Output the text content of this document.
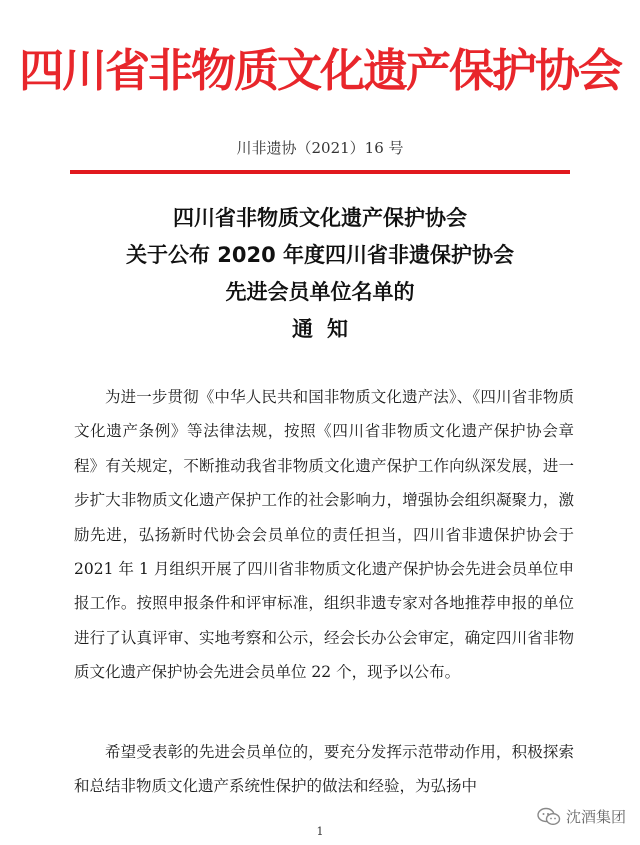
四川省非物质文化遗产保护协会
川非遗协（2021）16 号
四川省非物质文化遗产保护协会
关于公布 2020 年度四川省非遗保护协会
先进会员单位名单的
通知
为进一步贯彻《中华人民共和国非物质文化遗产法》、《四川省非物质文化遗产条例》等法律法规，按照《四川省非物质文化遗产保护协会章程》有关规定，不断推动我省非物质文化遗产保护工作向纵深发展，进一步扩大非物质文化遗产保护工作的社会影响力，增强协会组织凝聚力，激励先进，弘扬新时代协会会员单位的责任担当，四川省非遗保护协会于 2021 年 1 月组织开展了四川省非物质文化遗产保护协会先进会员单位申报工作。按照申报条件和评审标准，组织非遗专家对各地推荐申报的单位进行了认真评审、实地考察和公示，经会长办公会审定，确定四川省非物质文化遗产保护协会先进会员单位 22 个，现予以公布。
希望受表彰的先进会员单位的，要充分发挥示范带动作用，积极探索和总结非物质文化遗产系统性保护的做法和经验，为弘扬中
1
沈酒集团
